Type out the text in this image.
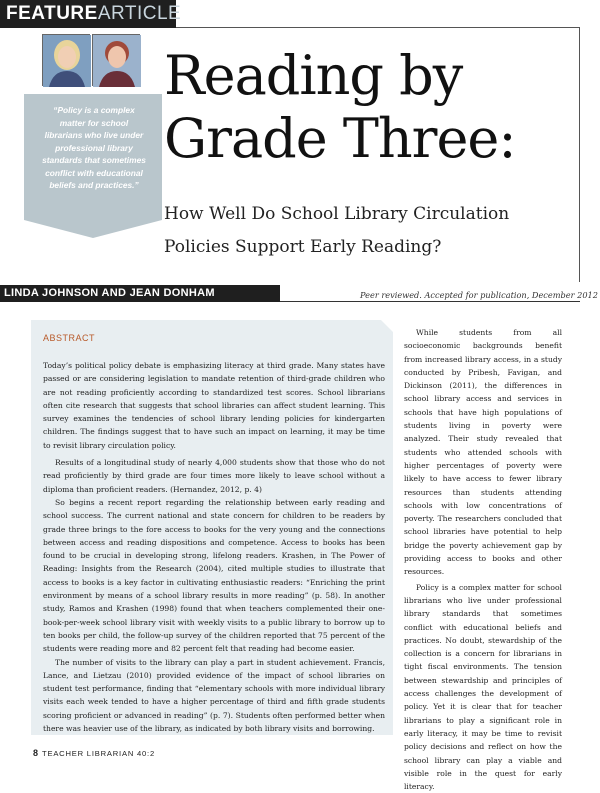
FEATUREARTICLE
“Policy is a complex matter for school librarians who live under professional library standards that sometimes conflict with educational beliefs and practices.”
Reading by
Grade Three:
How Well Do School Library Circulation
Policies Support Early Reading?
LINDA JOHNSON AND JEAN DONHAM	Peer reviewed. Accepted for publication, December 2012
ABSTRACT

Today’s political policy debate is emphasizing literacy at third grade. Many states have passed or are considering legislation to mandate retention of third-grade children who are not reading proficiently according to standardized test scores. School librarians often cite research that suggests that school libraries can affect student learning. This survey examines the tendencies of school library lending policies for kindergarten children. The findings suggest that to have such an impact on learning, it may be time to revisit library circulation policy.

Results of a longitudinal study of nearly 4,000 students show that those who do not read proficiently by third grade are four times more likely to leave school without a diploma than proficient readers. (Hernandez, 2012, p. 4)

So begins a recent report regarding the relationship between early reading and school success. The current national and state concern for children to be readers by grade three brings to the fore access to books for the very young and the connections between access and reading dispositions and competence. Access to books has been found to be crucial in developing strong, lifelong readers. Krashen, in The Power of Reading: Insights from the Research (2004), cited multiple studies to illustrate that access to books is a key factor in cultivating enthusiastic readers: “Enriching the print environment by means of a school library results in more reading” (p. 58). In another study, Ramos and Krashen (1998) found that when teachers complemented their one-book-per-week school library visit with weekly visits to a public library to borrow up to ten books per child, the follow-up survey of the children reported that 75 percent of the students were reading more and 82 percent felt that reading had become easier.

The number of visits to the library can play a part in student achievement. Francis, Lance, and Lietzau (2010) provided evidence of the impact of school libraries on student test performance, finding that “elementary schools with more individual library visits each week tended to have a higher percentage of third and fifth grade students scoring proficient or advanced in reading” (p. 7). Students often performed better when there was heavier use of the library, as indicated by both library visits and borrowing.

While students from all socioeconomic backgrounds benefit from increased library access, in a study conducted by Pribesh, Favigan, and Dickinson (2011), the differences in school library access and services in schools that have high populations of students living in poverty were analyzed. Their study revealed that students who attended schools with higher percentages of poverty were likely to have access to fewer library resources than students attending schools with low concentrations of poverty. The researchers concluded that school libraries have potential to help bridge the poverty achievement gap by providing access to books and other resources.

Policy is a complex matter for school librarians who live under professional library standards that sometimes conflict with educational beliefs and practices. No doubt, stewardship of the collection is a concern for librarians in tight fiscal environments. The tension between stewardship and principles of access challenges the development of policy. Yet it is clear that for teacher librarians to play a significant role in early literacy, it may be time to revisit policy decisions and reflect on how the school library can play a viable and visible role in the quest for early literacy.

8 TEACHER LIBRARIAN 40:2
